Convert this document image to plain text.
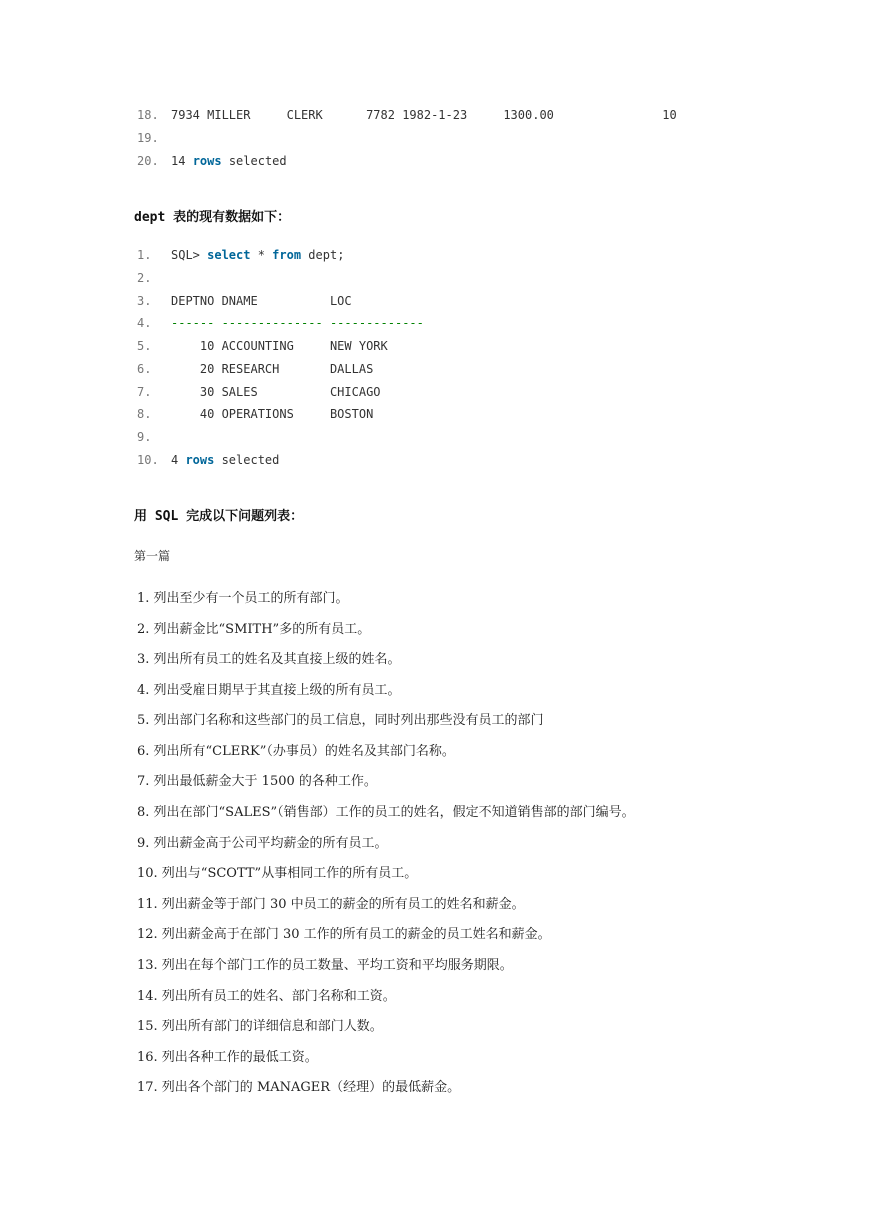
18. 7934 MILLER     CLERK      7782 1982-1-23     1300.00               10
19.
20. 14 rows selected
dept 表的现有数据如下：
1. SQL> select * from dept;
2.
3. DEPTNO DNAME          LOC
4. ------ -------------- -------------
5.    10 ACCOUNTING     NEW YORK
6.    20 RESEARCH       DALLAS
7.    30 SALES          CHICAGO
8.    40 OPERATIONS     BOSTON
9.
10. 4 rows selected
用 SQL 完成以下问题列表：
第一篇
1. 列出至少有一个员工的所有部门。
2. 列出薪金比“SMITH”多的所有员工。
3. 列出所有员工的姓名及其直接上级的姓名。
4. 列出受雇日期早于其直接上级的所有员工。
5. 列出部门名称和这些部门的员工信息，同时列出那些没有员工的部门
6. 列出所有“CLERK”（办事员）的姓名及其部门名称。
7. 列出最低薪金大于 1500 的各种工作。
8. 列出在部门“SALES”（销售部）工作的员工的姓名，假定不知道销售部的部门编号。
9. 列出薪金高于公司平均薪金的所有员工。
10. 列出与“SCOTT”从事相同工作的所有员工。
11. 列出薪金等于部门 30 中员工的薪金的所有员工的姓名和薪金。
12. 列出薪金高于在部门 30 工作的所有员工的薪金的员工姓名和薪金。
13. 列出在每个部门工作的员工数量、平均工资和平均服务期限。
14. 列出所有员工的姓名、部门名称和工资。
15. 列出所有部门的详细信息和部门人数。
16. 列出各种工作的最低工资。
17. 列出各个部门的 MANAGER（经理）的最低薪金。
